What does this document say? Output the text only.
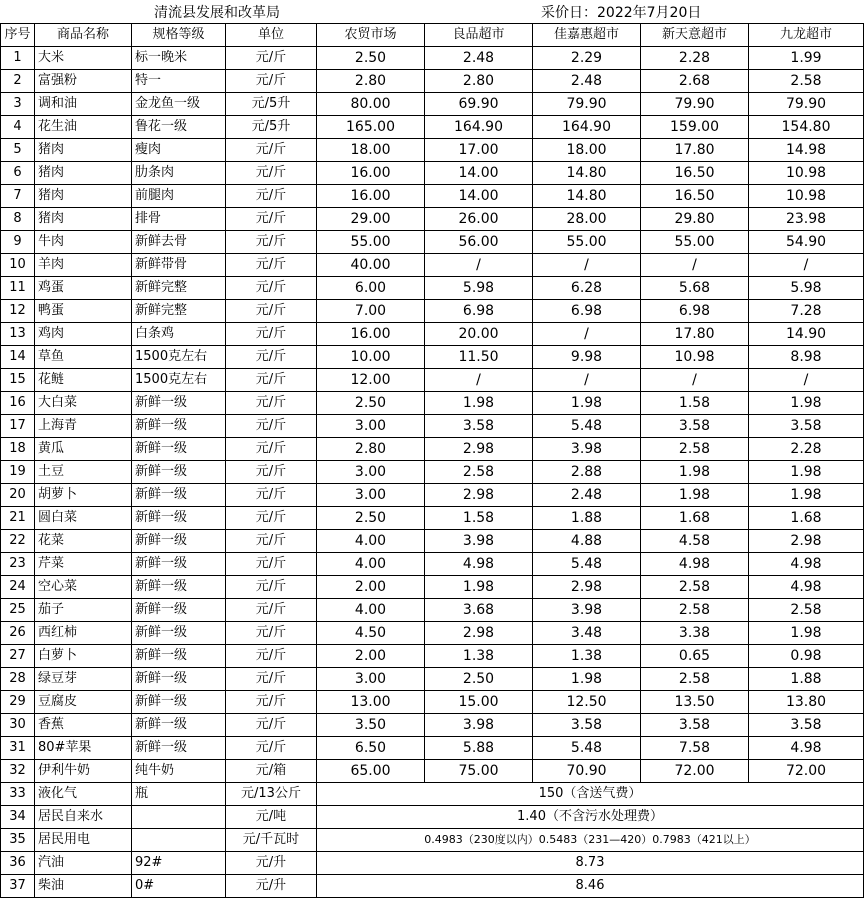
清流县发展和改革局	采价日：2022年7月20日
序号	商品名称	规格等级	单位	农贸市场	良品超市	佳嘉惠超市	新天意超市	九龙超市
1	大米	标一晚米	元/斤	2.50	2.48	2.29	2.28	1.99
2	富强粉	特一	元/斤	2.80	2.80	2.48	2.68	2.58
3	调和油	金龙鱼一级	元/5升	80.00	69.90	79.90	79.90	79.90
4	花生油	鲁花一级	元/5升	165.00	164.90	164.90	159.00	154.80
5	猪肉	瘦肉	元/斤	18.00	17.00	18.00	17.80	14.98
6	猪肉	肋条肉	元/斤	16.00	14.00	14.80	16.50	10.98
7	猪肉	前腿肉	元/斤	16.00	14.00	14.80	16.50	10.98
8	猪肉	排骨	元/斤	29.00	26.00	28.00	29.80	23.98
9	牛肉	新鲜去骨	元/斤	55.00	56.00	55.00	55.00	54.90
10	羊肉	新鲜带骨	元/斤	40.00	/	/	/	/
11	鸡蛋	新鲜完整	元/斤	6.00	5.98	6.28	5.68	5.98
12	鸭蛋	新鲜完整	元/斤	7.00	6.98	6.98	6.98	7.28
13	鸡肉	白条鸡	元/斤	16.00	20.00	/	17.80	14.90
14	草鱼	1500克左右	元/斤	10.00	11.50	9.98	10.98	8.98
15	花鲢	1500克左右	元/斤	12.00	/	/	/	/
16	大白菜	新鲜一级	元/斤	2.50	1.98	1.98	1.58	1.98
17	上海青	新鲜一级	元/斤	3.00	3.58	5.48	3.58	3.58
18	黄瓜	新鲜一级	元/斤	2.80	2.98	3.98	2.58	2.28
19	土豆	新鲜一级	元/斤	3.00	2.58	2.88	1.98	1.98
20	胡萝卜	新鲜一级	元/斤	3.00	2.98	2.48	1.98	1.98
21	圆白菜	新鲜一级	元/斤	2.50	1.58	1.88	1.68	1.68
22	花菜	新鲜一级	元/斤	4.00	3.98	4.88	4.58	2.98
23	芹菜	新鲜一级	元/斤	4.00	4.98	5.48	4.98	4.98
24	空心菜	新鲜一级	元/斤	2.00	1.98	2.98	2.58	4.98
25	茄子	新鲜一级	元/斤	4.00	3.68	3.98	2.58	2.58
26	西红柿	新鲜一级	元/斤	4.50	2.98	3.48	3.38	1.98
27	白萝卜	新鲜一级	元/斤	2.00	1.38	1.38	0.65	0.98
28	绿豆芽	新鲜一级	元/斤	3.00	2.50	1.98	2.58	1.88
29	豆腐皮	新鲜一级	元/斤	13.00	15.00	12.50	13.50	13.80
30	香蕉	新鲜一级	元/斤	3.50	3.98	3.58	3.58	3.58
31	80#苹果	新鲜一级	元/斤	6.50	5.88	5.48	7.58	4.98
32	伊利牛奶	纯牛奶	元/箱	65.00	75.00	70.90	72.00	72.00
33	液化气	瓶	元/13公斤	150（含送气费）				
34	居民自来水		元/吨	1.40（不含污水处理费）				
35	居民用电		元/千瓦时	0.4983（230度以内）0.5483（231—420）0.7983（421以上）				
36	汽油	92#	元/升	8.73				
37	柴油	0#	元/升	8.46				
